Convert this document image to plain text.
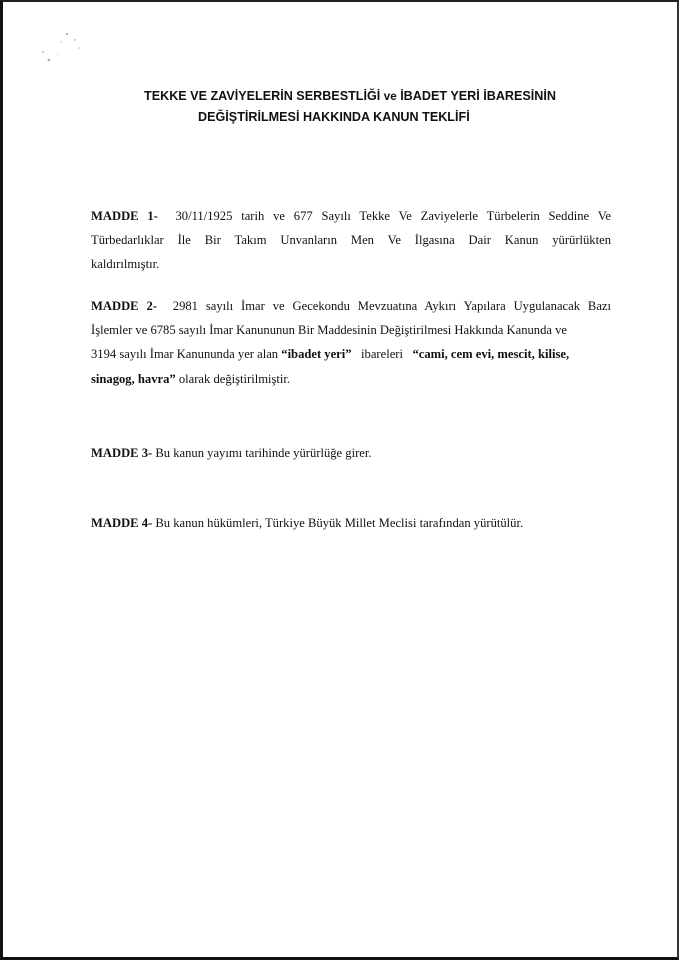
TEKKE VE ZAVİYELERİN SERBESTLİĞİ ve İBADET YERİ İBARESİNİN
DEĞİŞTİRİLMESİ HAKKINDA KANUN TEKLİFİ
MADDE 1- 30/11/1925 tarih ve 677 Sayılı Tekke Ve Zaviyelerle Türbelerin Seddine Ve
Türbedarlıklar İle Bir Takım Unvanların Men Ve İlgasına Dair Kanun yürürlükten
kaldırılmıştır.
MADDE 2- 2981 sayılı İmar ve Gecekondu Mevzuatına Aykırı Yapılara Uygulanacak Bazı
İşlemler ve 6785 sayılı İmar Kanununun Bir Maddesinin Değiştirilmesi Hakkında Kanunda ve
3194 sayılı İmar Kanununda yer alan “ibadet yeri” ibareleri “cami, cem evi, mescit, kilise,
sinagog, havra” olarak değiştirilmiştir.
MADDE 3- Bu kanun yayımı tarihinde yürürlüğe girer.
MADDE 4- Bu kanun hükümleri, Türkiye Büyük Millet Meclisi tarafından yürütülür.
